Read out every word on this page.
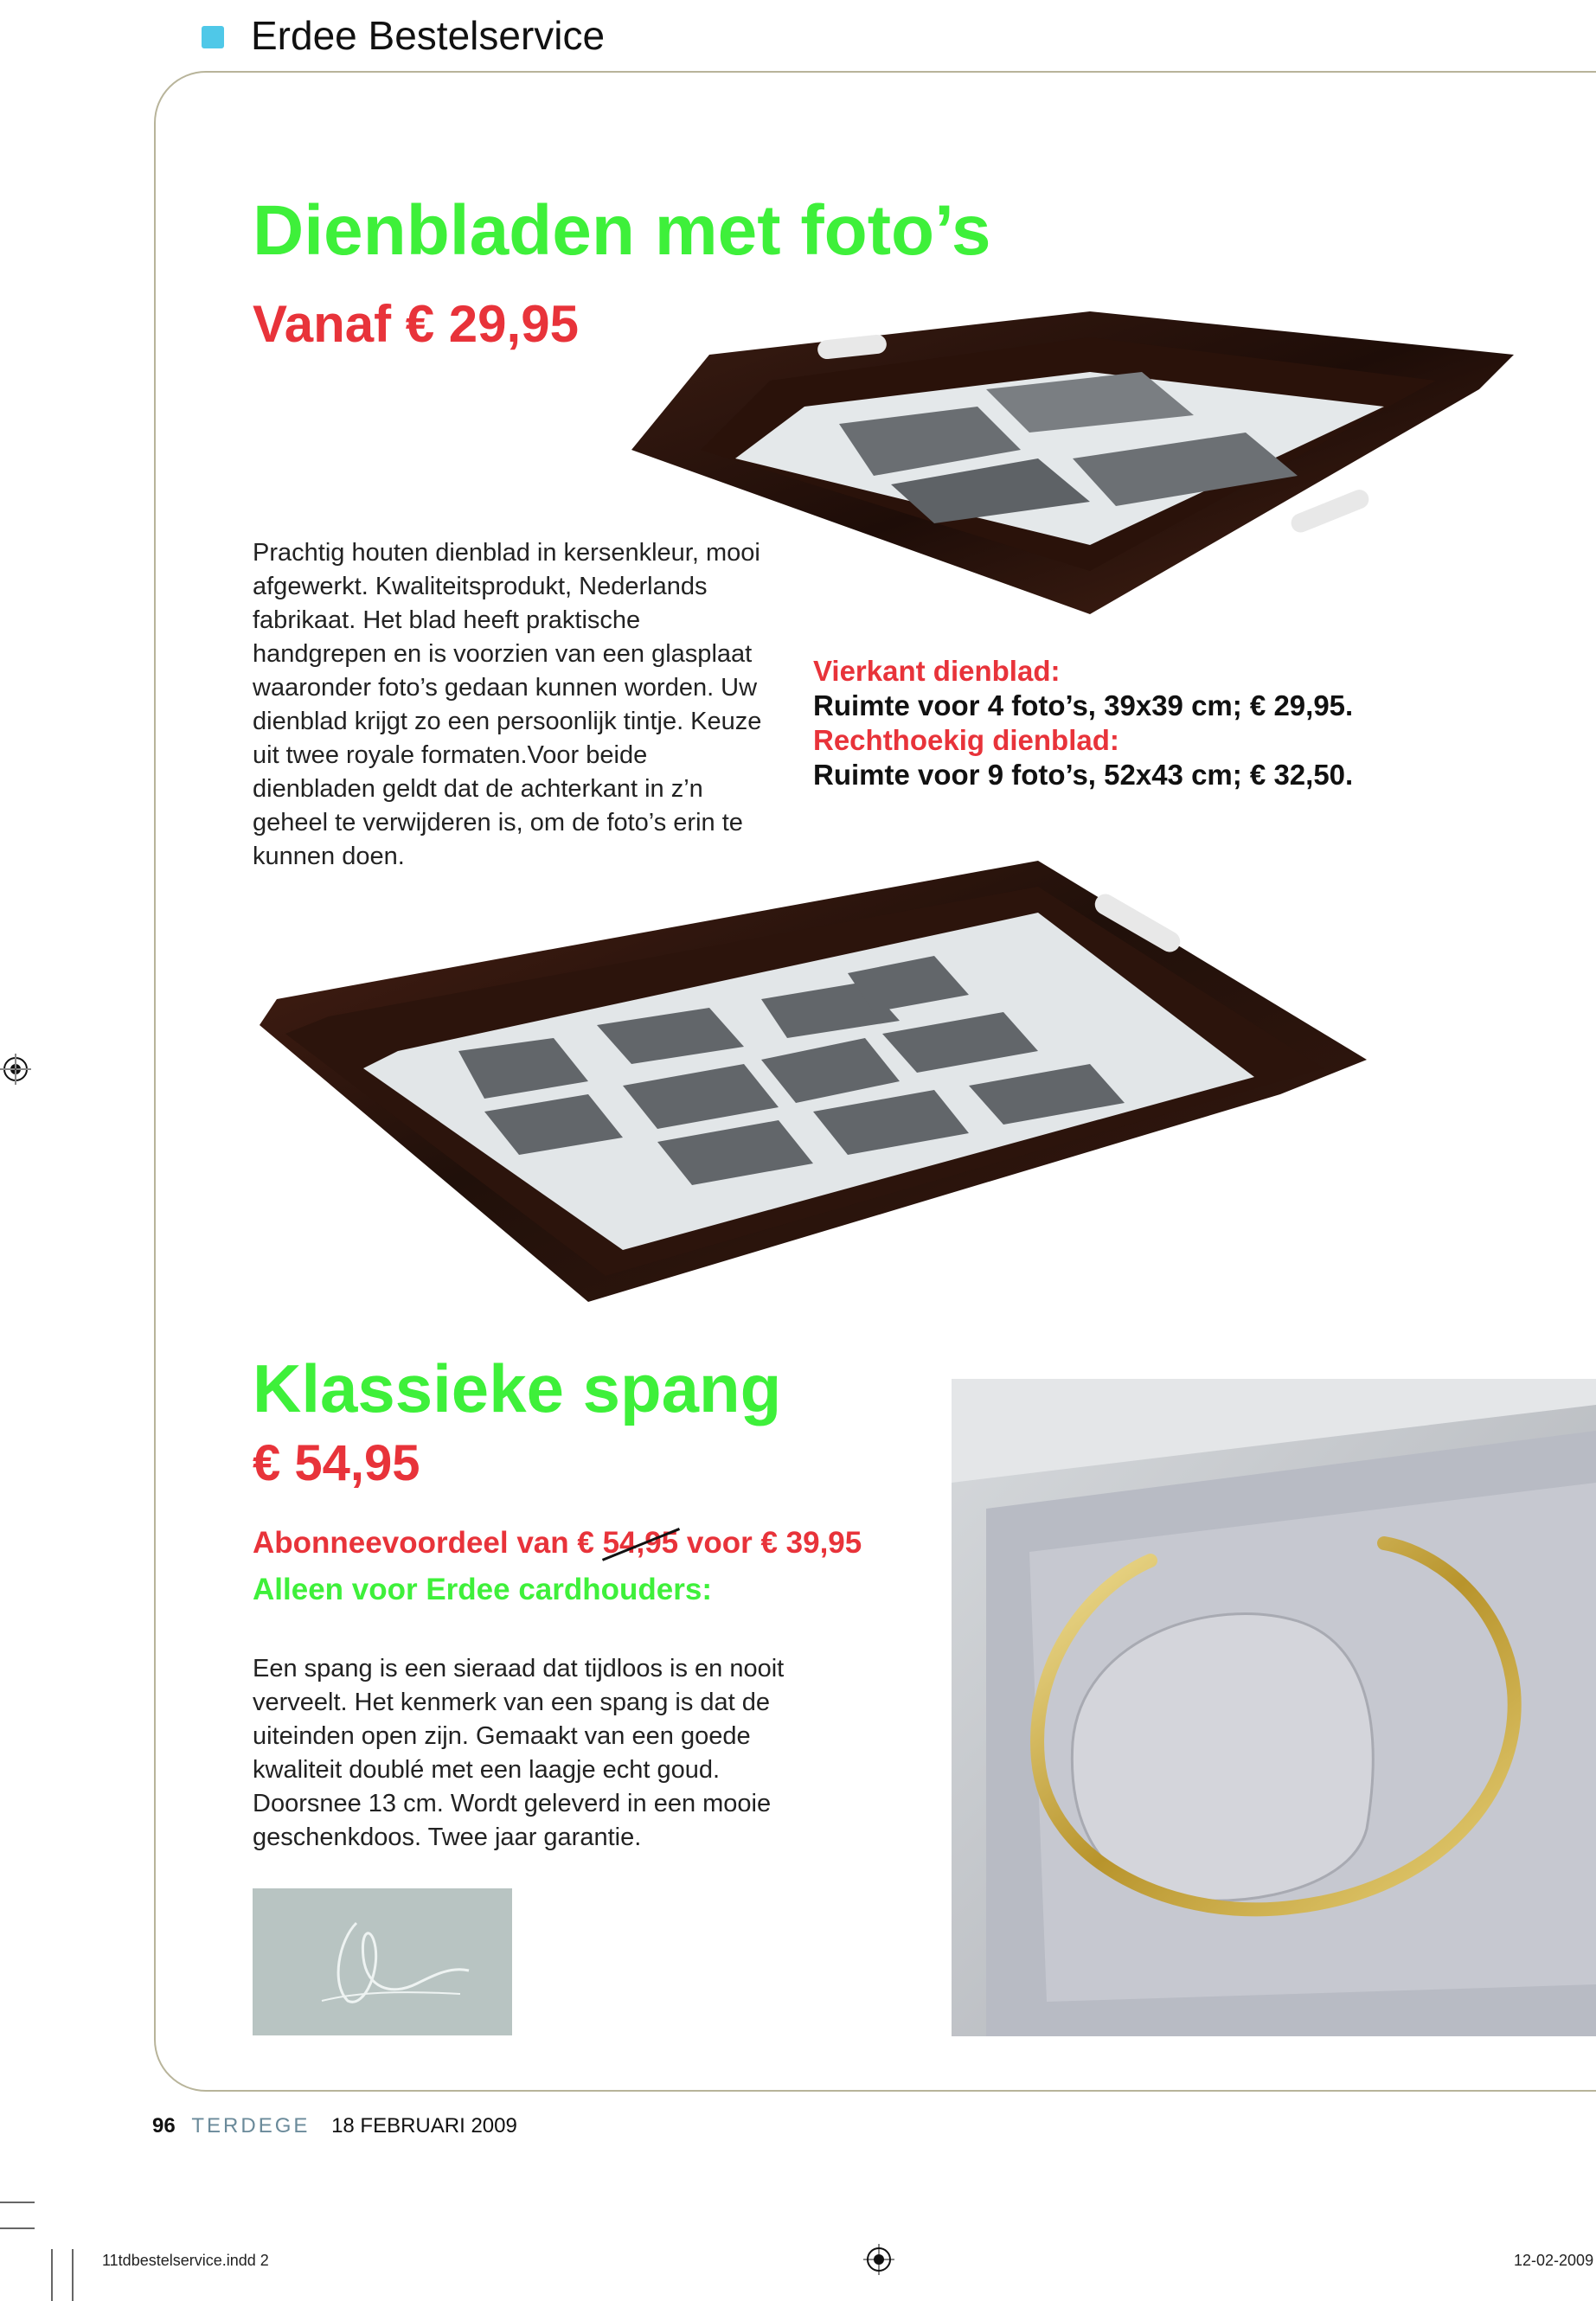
Erdee Bestelservice
Dienbladen met foto’s
Vanaf € 29,95
Prachtig houten dienblad in kersenkleur, mooi afgewerkt. Kwaliteitsprodukt, Nederlands fabrikaat. Het blad heeft praktische handgrepen en is voorzien van een glasplaat waaronder foto’s gedaan kunnen worden. Uw dienblad krijgt zo een persoonlijk tintje. Keuze uit twee royale formaten.Voor beide dienbladen geldt dat de achterkant in z’n geheel te verwijderen is, om de foto’s erin te kunnen doen.
Vierkant dienblad:
Ruimte voor 4 foto’s, 39x39 cm; € 29,95.
Rechthoekig dienblad:
Ruimte voor 9 foto’s, 52x43 cm; € 32,50.
Klassieke spang
€ 54,95
Abonneevoordeel van € 54,95 voor € 39,95
Alleen voor Erdee cardhouders:
Een spang is een sieraad dat tijdloos is en nooit verveelt. Het kenmerk van een spang is dat de uiteinden open zijn. Gemaakt van een goede kwaliteit doublé met een laagje echt goud. Doorsnee 13 cm. Wordt geleverd in een mooie geschenkdoos. Twee jaar garantie.
96 TERDEGE 18 FEBRUARI 2009
11tdbestelservice.indd 2	12-02-2009
